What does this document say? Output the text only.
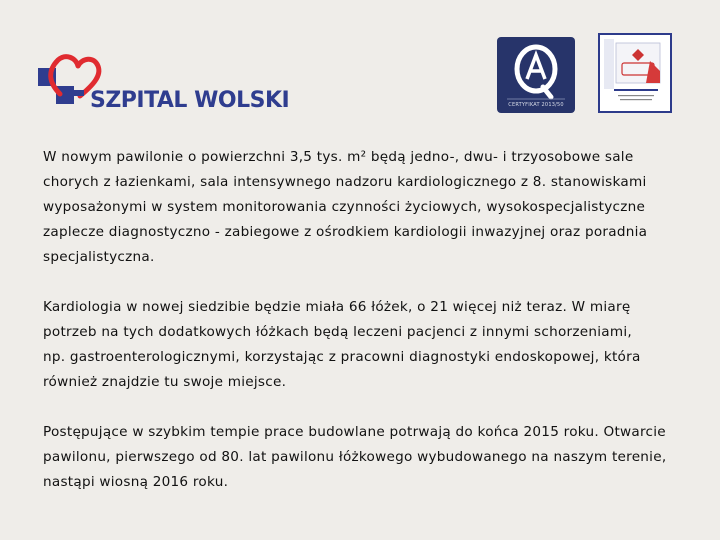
SZPITAL WOLSKI	CERTYFIKAT 2013/50

W nowym pawilonie o powierzchni 3,5 tys. m² będą jedno-, dwu- i trzyosobowe sale
chorych z łazienkami, sala intensywnego nadzoru kardiologicznego z 8. stanowiskami
wyposażonymi w system monitorowania czynności życiowych, wysokospecjalistyczne
zaplecze diagnostyczno - zabiegowe z ośrodkiem kardiologii inwazyjnej oraz poradnia
specjalistyczna.

Kardiologia w nowej siedzibie będzie miała 66 łóżek, o 21 więcej niż teraz. W miarę
potrzeb na tych dodatkowych łóżkach będą leczeni pacjenci z innymi schorzeniami,
np. gastroenterologicznymi, korzystając z pracowni diagnostyki endoskopowej, która
również znajdzie tu swoje miejsce.

Postępujące w szybkim tempie prace budowlane potrwają do końca 2015 roku. Otwarcie
pawilonu, pierwszego od 80. lat pawilonu łóżkowego wybudowanego na naszym terenie,
nastąpi wiosną 2016 roku.
